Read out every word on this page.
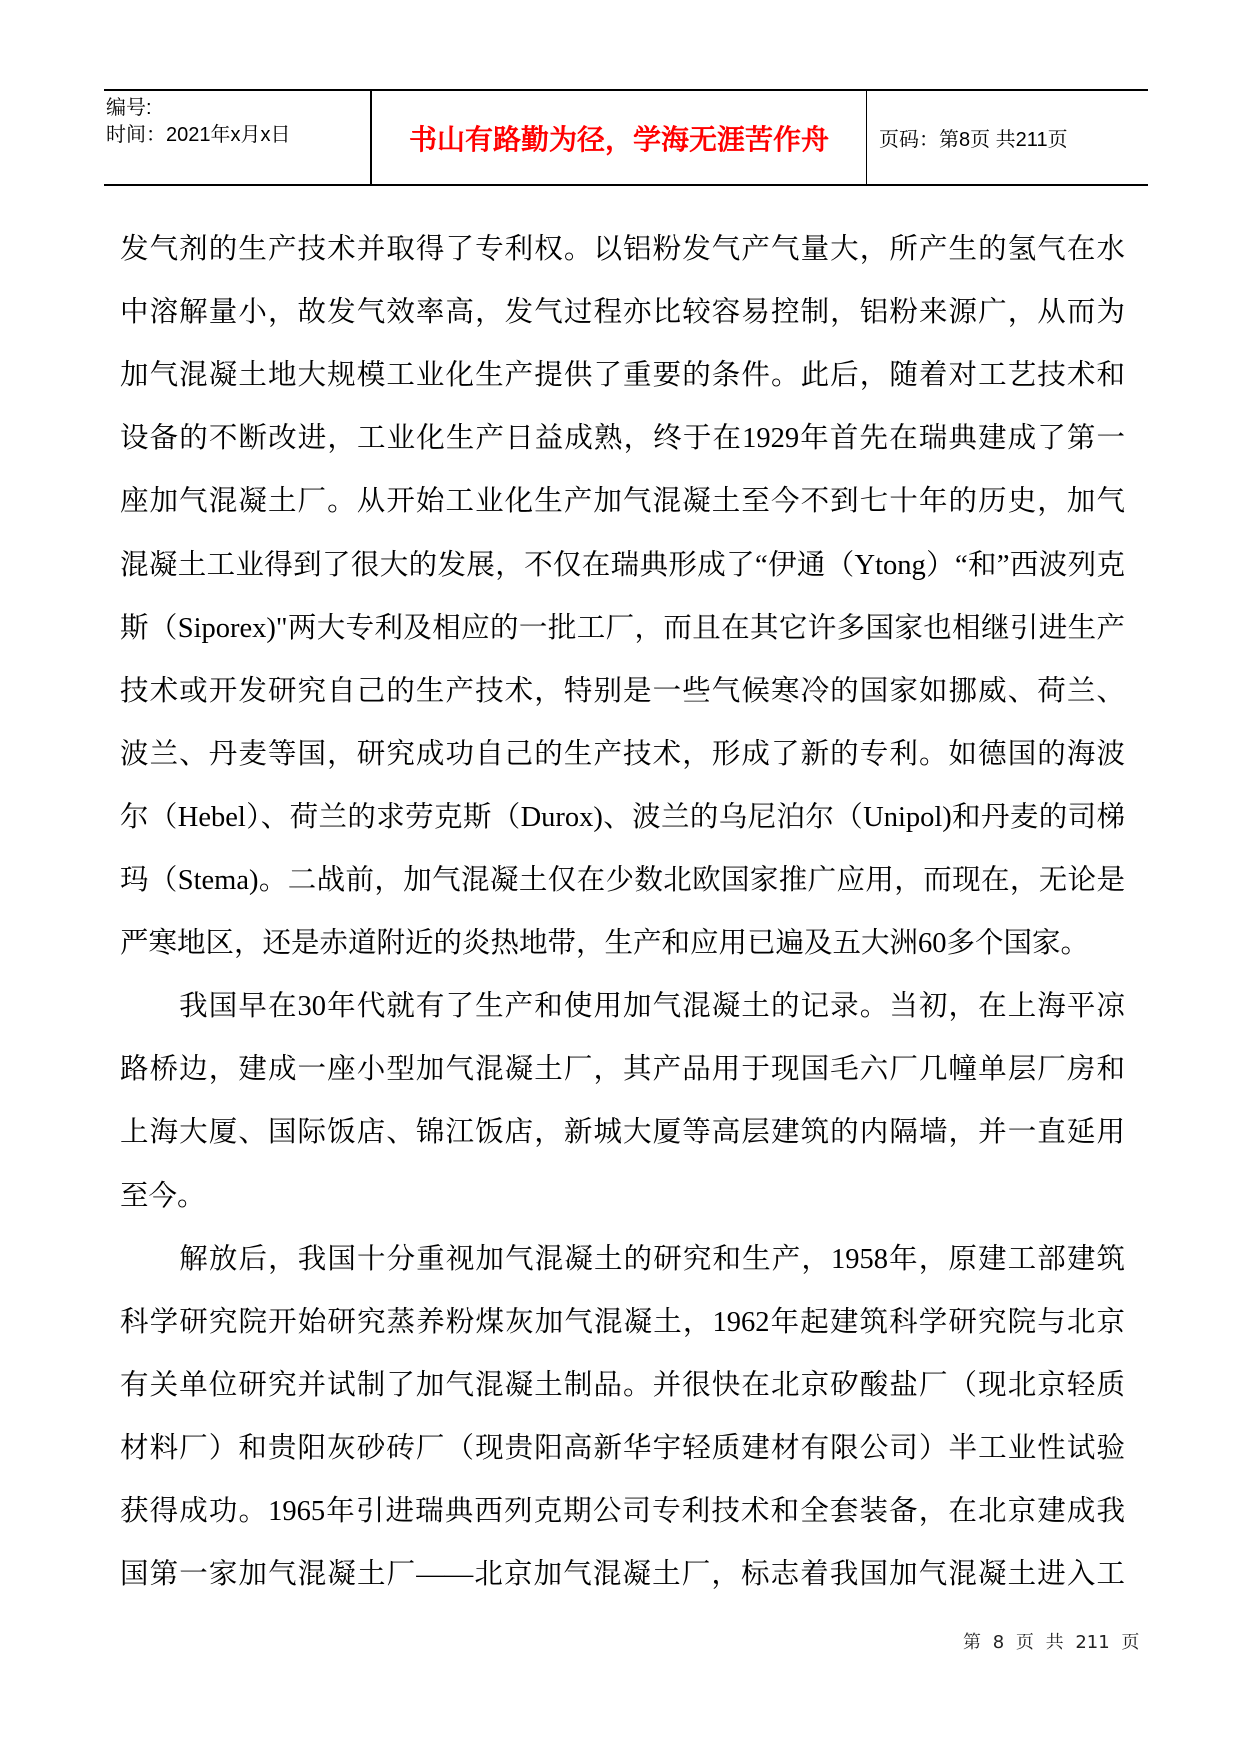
编号:
时间：2021年x月x日	书山有路勤为径，学海无涯苦作舟	页码：第8页 共211页
发气剂的生产技术并取得了专利权。以铝粉发气产气量大，所产生的氢气在水
中溶解量小，故发气效率高，发气过程亦比较容易控制，铝粉来源广，从而为
加气混凝土地大规模工业化生产提供了重要的条件。此后，随着对工艺技术和
设备的不断改进，工业化生产日益成熟，终于在1929年首先在瑞典建成了第一
座加气混凝土厂。从开始工业化生产加气混凝土至今不到七十年的历史，加气
混凝土工业得到了很大的发展，不仅在瑞典形成了“伊通（Ytong）“和”西波列克
斯（Siporex)"两大专利及相应的一批工厂，而且在其它许多国家也相继引进生产
技术或开发研究自己的生产技术，特别是一些气候寒冷的国家如挪威、荷兰、
波兰、丹麦等国，研究成功自己的生产技术，形成了新的专利。如德国的海波
尔（Hebel）、荷兰的求劳克斯（Durox)、波兰的乌尼泊尔（Unipol)和丹麦的司梯
玛（Stema)。二战前，加气混凝土仅在少数北欧国家推广应用，而现在，无论是
严寒地区，还是赤道附近的炎热地带，生产和应用已遍及五大洲60多个国家。
　　我国早在30年代就有了生产和使用加气混凝土的记录。当初，在上海平凉
路桥边，建成一座小型加气混凝土厂，其产品用于现国毛六厂几幢单层厂房和
上海大厦、国际饭店、锦江饭店，新城大厦等高层建筑的内隔墙，并一直延用
至今。
　　解放后，我国十分重视加气混凝土的研究和生产，1958年，原建工部建筑
科学研究院开始研究蒸养粉煤灰加气混凝土，1962年起建筑科学研究院与北京
有关单位研究并试制了加气混凝土制品。并很快在北京矽酸盐厂（现北京轻质
材料厂）和贵阳灰砂砖厂（现贵阳高新华宇轻质建材有限公司）半工业性试验
获得成功。1965年引进瑞典西列克期公司专利技术和全套装备，在北京建成我
国第一家加气混凝土厂——北京加气混凝土厂，标志着我国加气混凝土进入工
第 8 页 共 211 页
